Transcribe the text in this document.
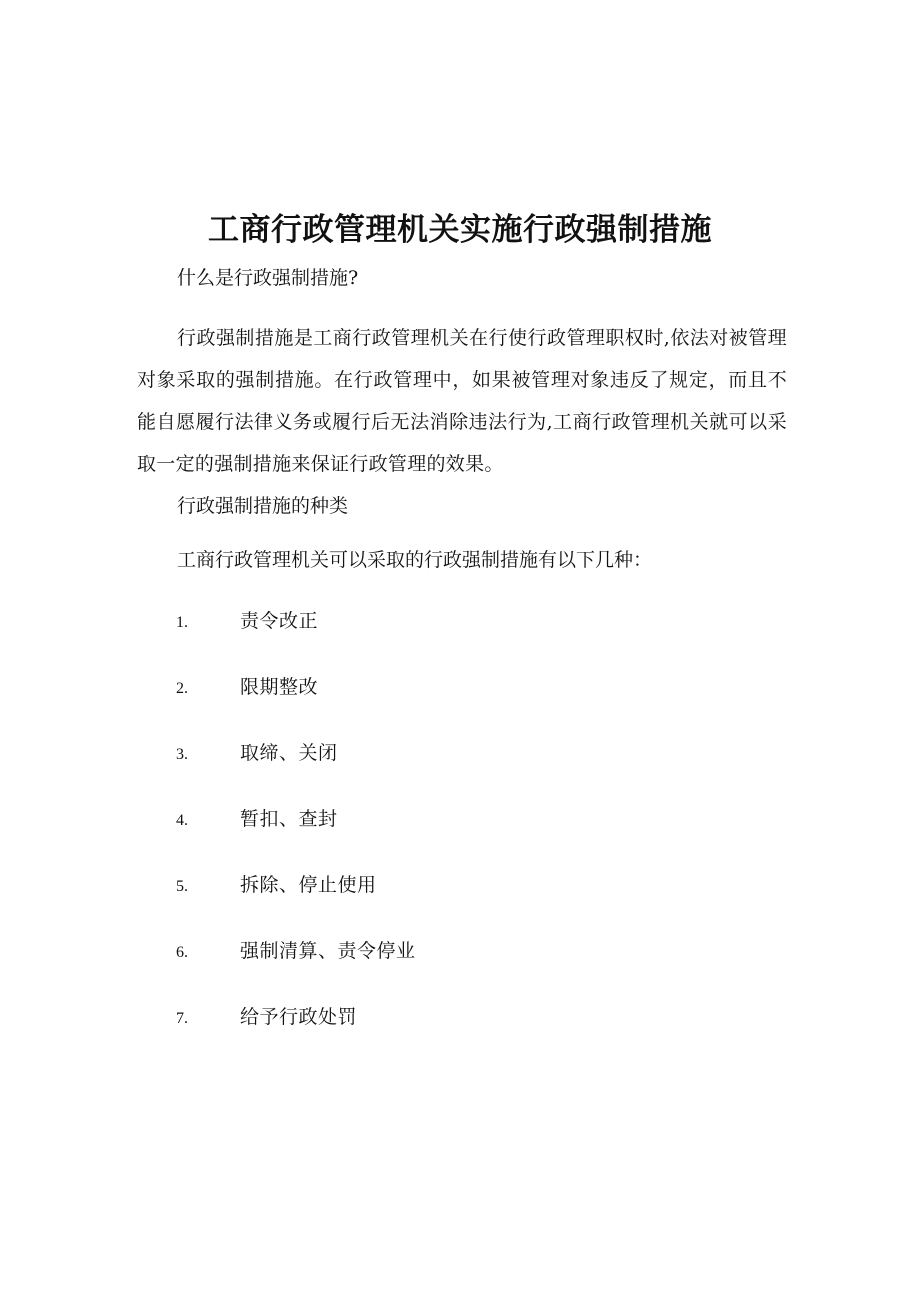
工商行政管理机关实施行政强制措施

什么是行政强制措施?

行政强制措施是工商行政管理机关在行使行政管理职权时,依法对被管理对象采取的强制措施。在行政管理中，如果被管理对象违反了规定，而且不能自愿履行法律义务或履行后无法消除违法行为,工商行政管理机关就可以采取一定的强制措施来保证行政管理的效果。

行政强制措施的种类

工商行政管理机关可以采取的行政强制措施有以下几种：

1.	责令改正
2.	限期整改
3.	取缔、关闭
4.	暂扣、查封
5.	拆除、停止使用
6.	强制清算、责令停业
7.	给予行政处罚
